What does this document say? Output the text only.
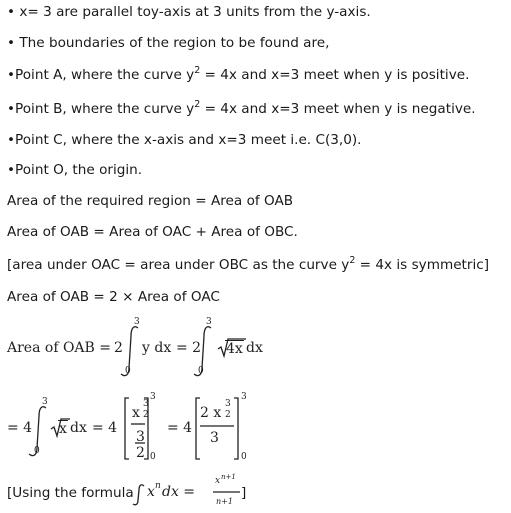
• x= 3 are parallel toy-axis at 3 units from the y-axis.
• The boundaries of the region to be found are,
•Point A, where the curve $y^2 = 4x$ and x=3 meet when y is positive.
•Point B, where the curve $y^2 = 4x$ and x=3 meet when y is negative.
•Point C, where the x-axis and x=3 meet i.e. C(3,0).
•Point O, the origin.
Area of the required region = Area of OAB
Area of OAB = Area of OAC + Area of OBC.
[area under OAC = area under OBC as the curve $y^2 = 4x$ is symmetric]
Area of OAB = 2 × Area of OAC
Area of OAB = 2
3
0
y dx = 2
3
0
4x dx
= 4
3
0
x dx = 4
x
3
2
3
2
3
0
= 4
2 x
3
2
3
3
0
[Using the formula x n dx =
x n+1
n+1
]
